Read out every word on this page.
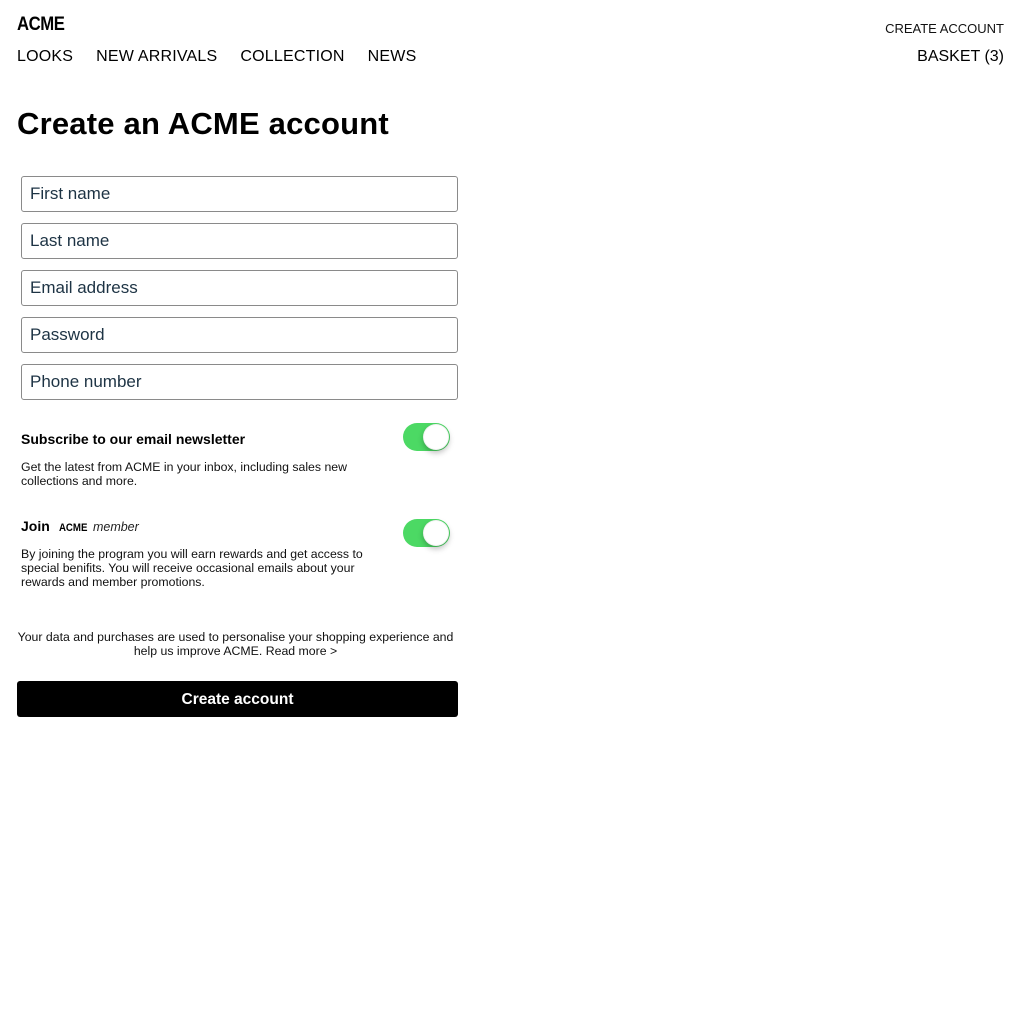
ACME	CREATE ACCOUNT
LOOKS NEW ARRIVALS COLLECTION NEWS	BASKET (3)
Create an ACME account
First name
Last name
Email address
Phone number
Subscribe to our email newsletter
Get the latest from ACME in your inbox, including sales new collections and more.
Join ACME member
By joining the program you will earn rewards and get access to special benifits. You will receive occasional emails about your rewards and member promotions.
Your data and purchases are used to personalise your shopping experience and help us improve ACME. Read more >
Create account
